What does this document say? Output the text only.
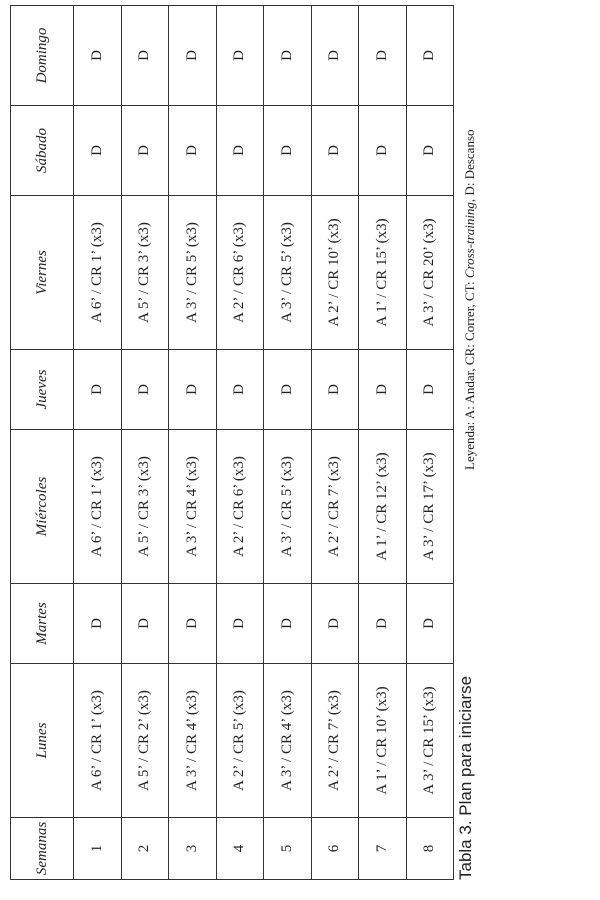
Semanas	Lunes	Martes	Miércoles	Jueves	Viernes	Sábado	Domingo
1	A 6’ / CR 1’ (x3)	D	A 6’ / CR 1’ (x3)	D	A 6’ / CR 1’ (x3)	D	D
2	A 5’ / CR 2’ (x3)	D	A 5’ / CR 3’ (x3)	D	A 5’ / CR 3’ (x3)	D	D
3	A 3’ / CR 4’ (x3)	D	A 3’ / CR 4’ (x3)	D	A 3’ / CR 5’ (x3)	D	D
4	A 2’ / CR 5’ (x3)	D	A 2’ / CR 6’ (x3)	D	A 2’ / CR 6’ (x3)	D	D
5	A 3’ / CR 4’ (x3)	D	A 3’ / CR 5’ (x3)	D	A 3’ / CR 5’ (x3)	D	D
6	A 2’ / CR 7’ (x3)	D	A 2’ / CR 7’ (x3)	D	A 2’ / CR 10’ (x3)	D	D
7	A 1’ / CR 10’ (x3)	D	A 1’ / CR 12’ (x3)	D	A 1’ / CR 15’ (x3)	D	D
8	A 3’ / CR 15’ (x3)	D	A 3’ / CR 17’ (x3)	D	A 3’ / CR 20’ (x3)	D	D
Tabla 3. Plan para iniciarse
Leyenda: A: Andar, CR: Correr, CT: Cross-training, D: Descanso
